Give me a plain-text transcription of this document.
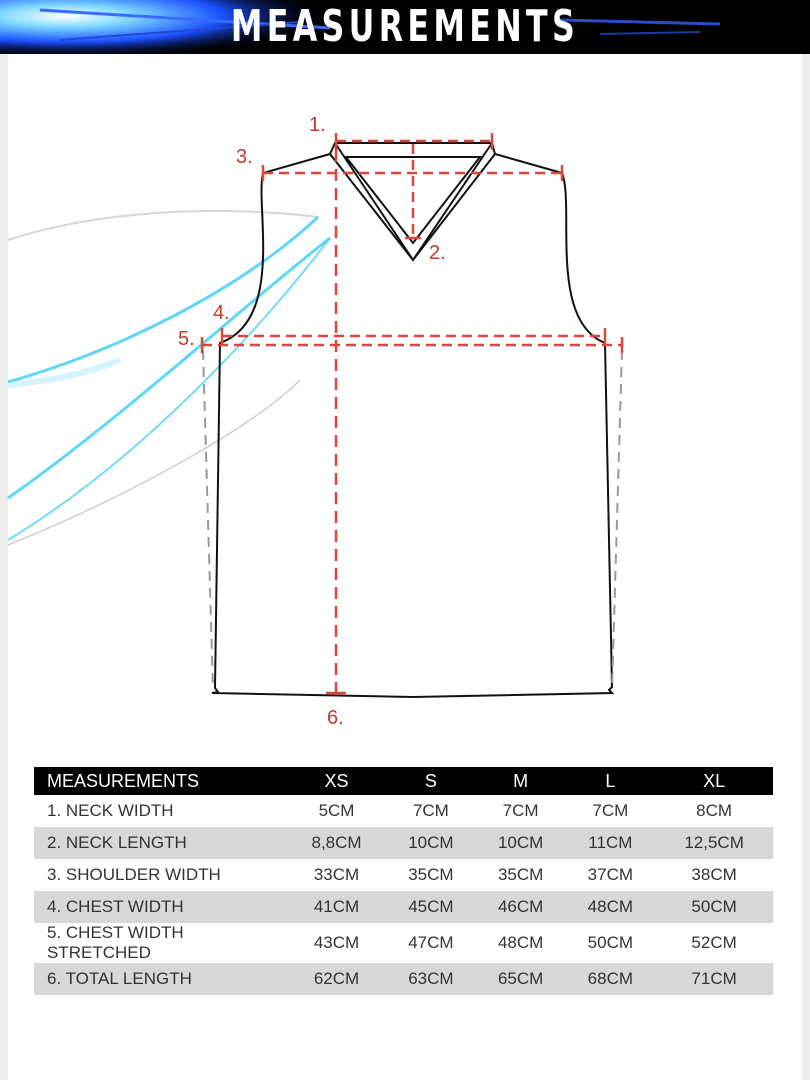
MEASUREMENTS
1.
2.
3.
4.
5.
6.
MEASUREMENTS	XS	S	M	L	XL
1. NECK WIDTH	5CM	7CM	7CM	7CM	8CM
2. NECK LENGTH	8,8CM	10CM	10CM	11CM	12,5CM
3. SHOULDER WIDTH	33CM	35CM	35CM	37CM	38CM
4. CHEST WIDTH	41CM	45CM	46CM	48CM	50CM
5. CHEST WIDTH STRETCHED	43CM	47CM	48CM	50CM	52CM
6. TOTAL LENGTH	62CM	63CM	65CM	68CM	71CM
